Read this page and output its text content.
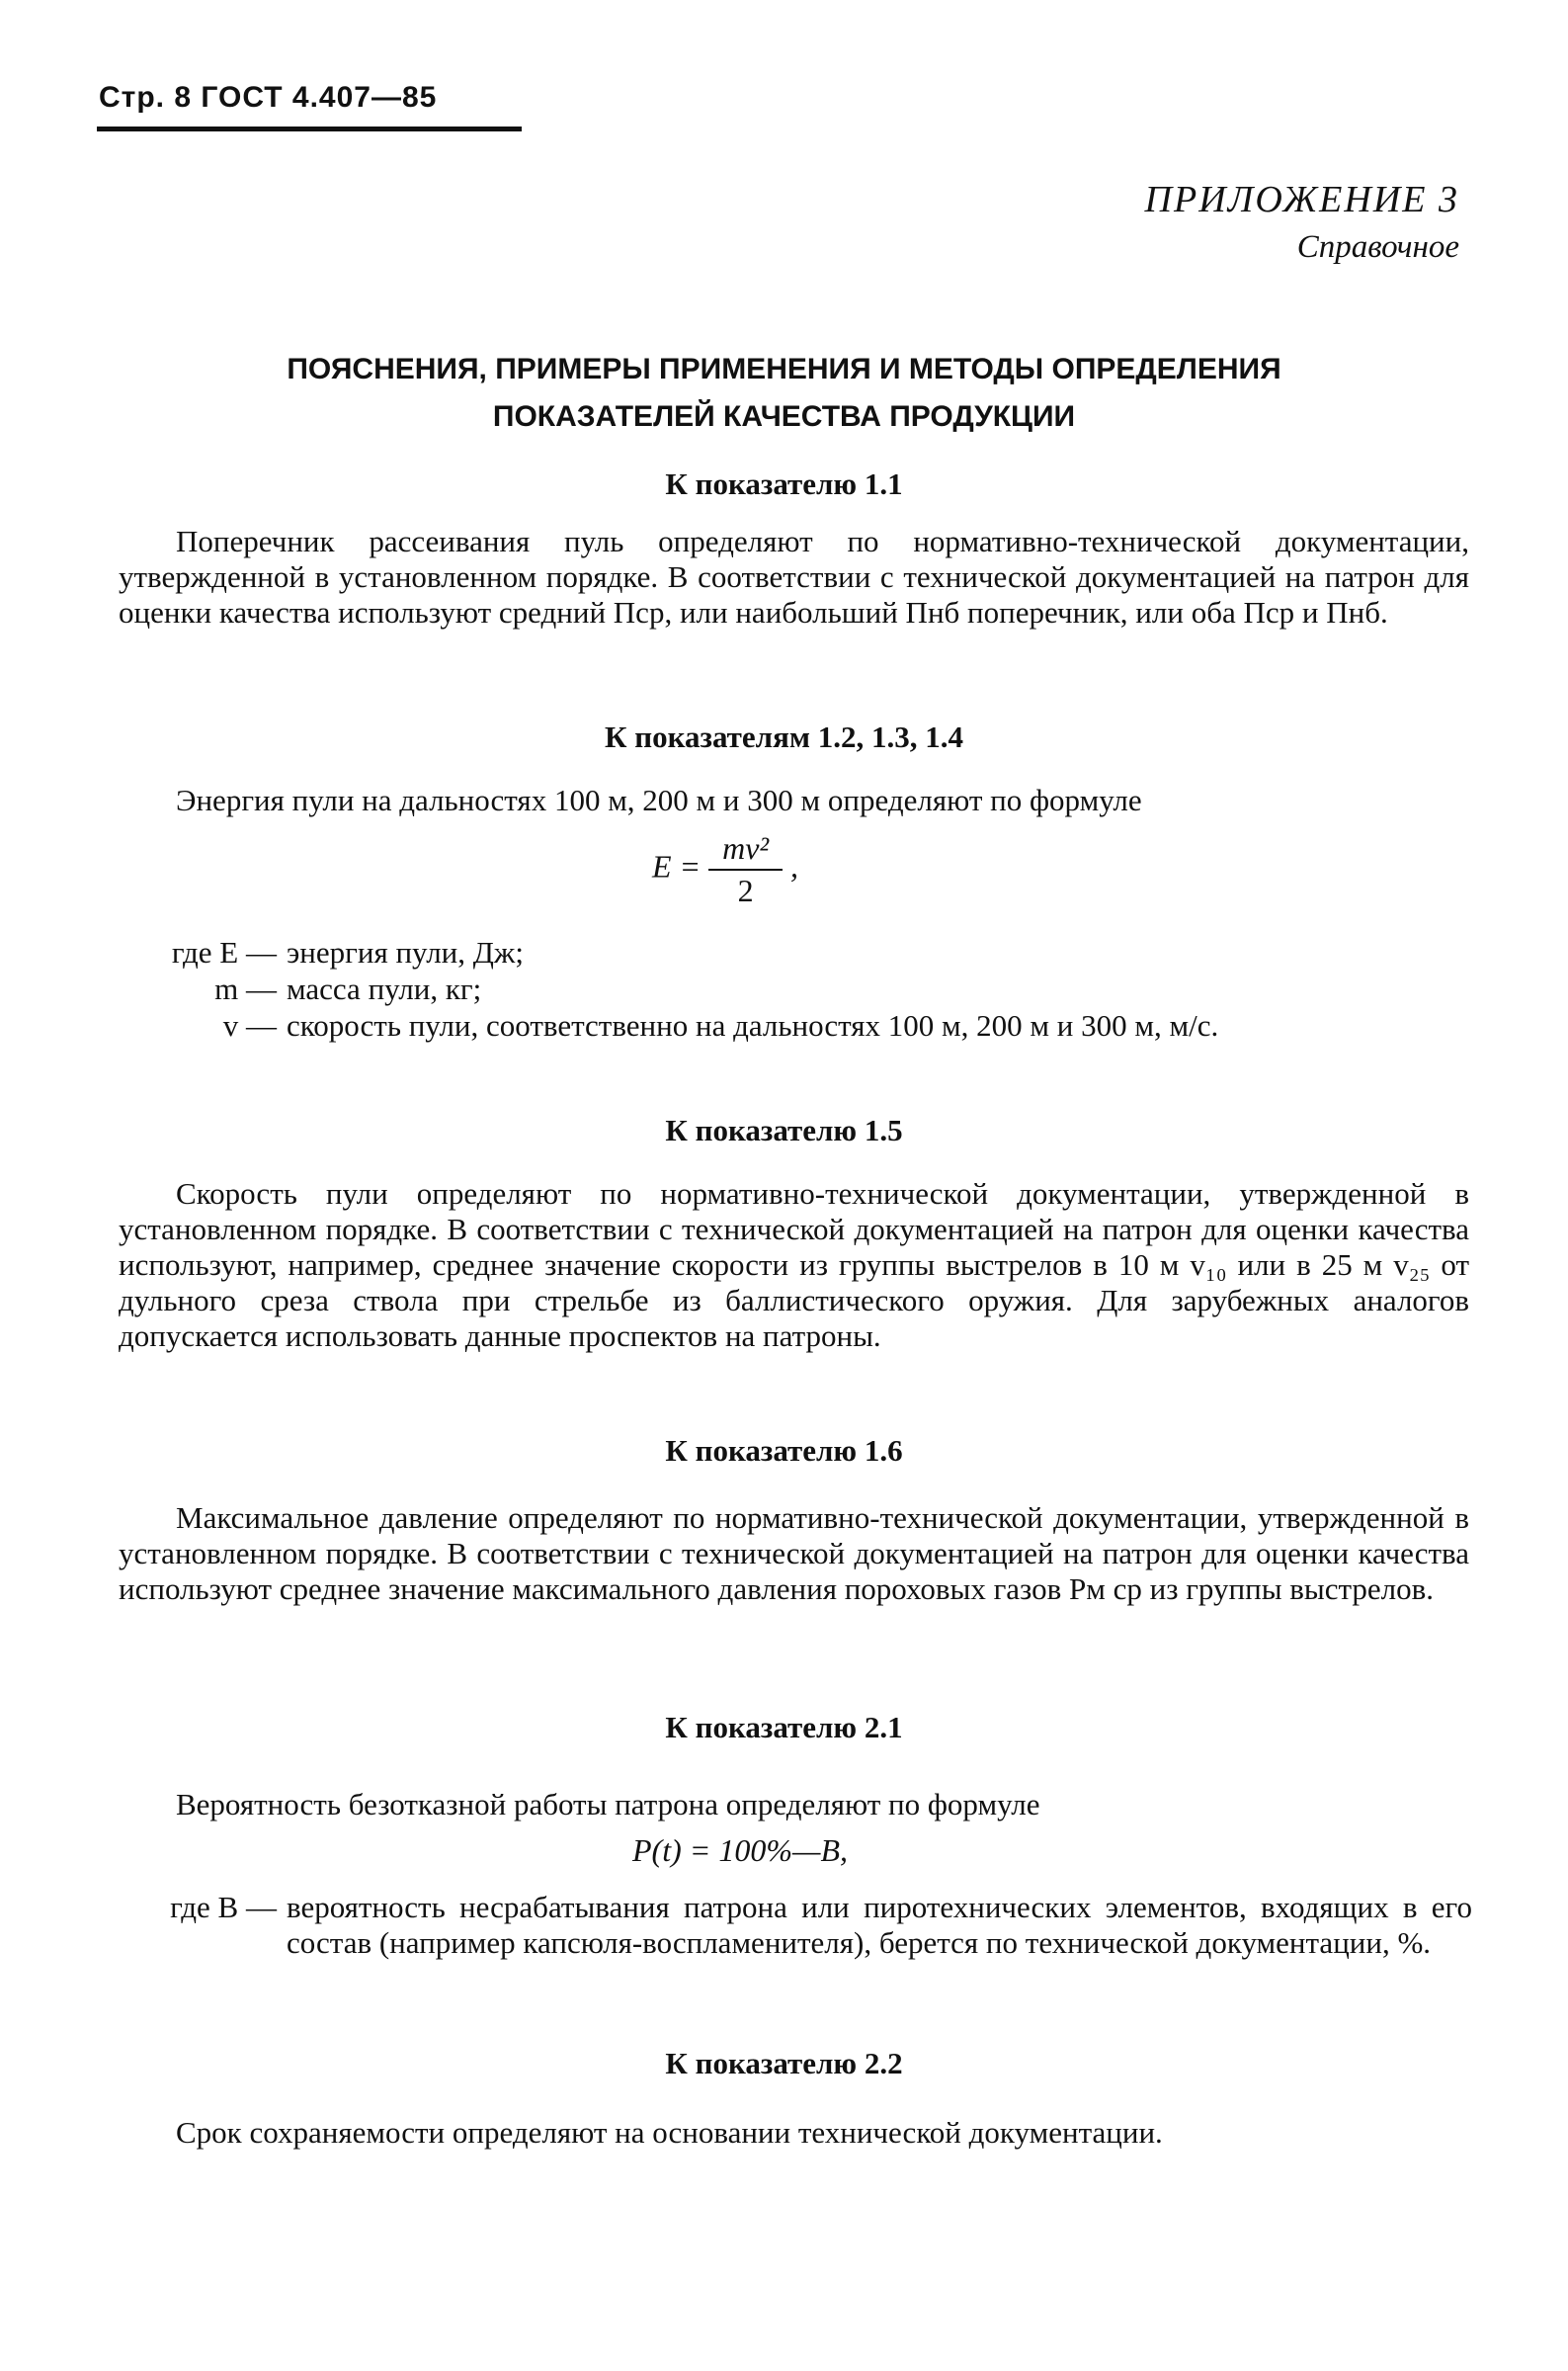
Стр. 8 ГОСТ 4.407—85
ПРИЛОЖЕНИЕ 3
Справочное
ПОЯСНЕНИЯ, ПРИМЕРЫ ПРИМЕНЕНИЯ И МЕТОДЫ ОПРЕДЕЛЕНИЯ
ПОКАЗАТЕЛЕЙ КАЧЕСТВА ПРОДУКЦИИ
К показателю 1.1
Поперечник рассеивания пуль определяют по нормативно-технической документации, утвержденной в установленном порядке. В соответствии с технической документацией на патрон для оценки качества используют средний Пср, или наибольший Пнб поперечник, или оба Пср и Пнб.
К показателям 1.2, 1.3, 1.4
Энергия пули на дальностях 100 м, 200 м и 300 м определяют по формуле
$E = \frac{\text{mv²}}{2}$ ,
где E — энергия пули, Дж;
m — масса пули, кг;
v — скорость пули, соответственно на дальностях 100 м, 200 м и 300 м, м/с.
К показателю 1.5
Скорость пули определяют по нормативно-технической документации, утвержденной в установленном порядке. В соответствии с технической документацией на патрон для оценки качества используют, например, среднее значение скорости из группы выстрелов в 10 м v₁₀ или в 25 м v₂₅ от дульного среза ствола при стрельбе из баллистического оружия. Для зарубежных аналогов допускается использовать данные проспектов на патроны.
К показателю 1.6
Максимальное давление определяют по нормативно-технической документации, утвержденной в установленном порядке. В соответствии с технической документацией на патрон для оценки качества используют среднее значение максимального давления пороховых газов Pм ср из группы выстрелов.
К показателю 2.1
Вероятность безотказной работы патрона определяют по формуле
P(t) = 100%—B,
где B — вероятность несрабатывания патрона или пиротехнических элементов, входящих в его состав (например капсюля-воспламенителя), берется по технической документации, %.
К показателю 2.2
Срок сохраняемости определяют на основании технической документации.
